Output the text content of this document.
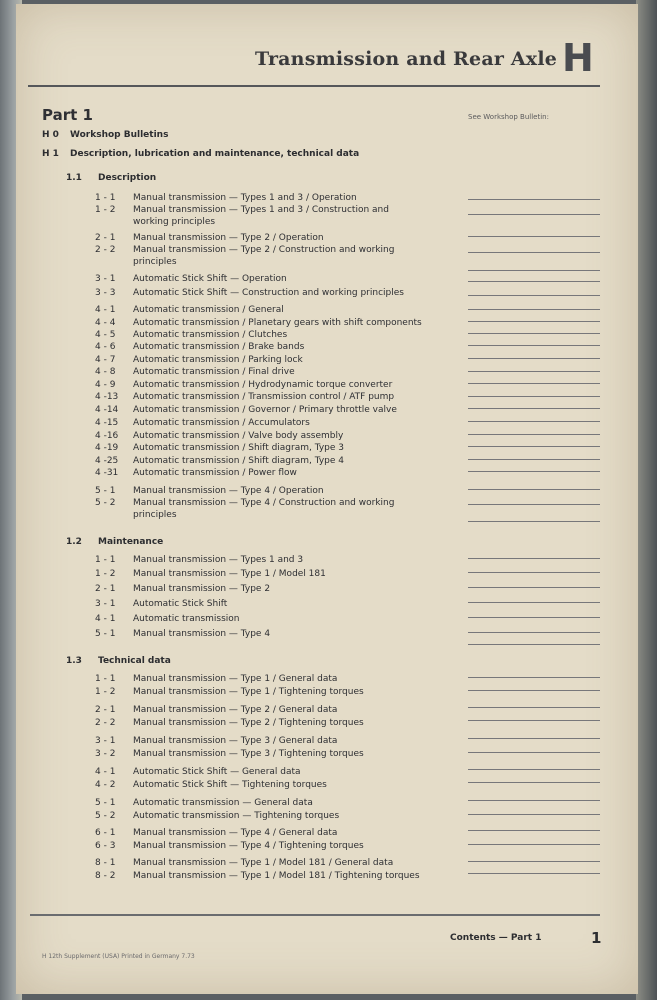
Transmission and Rear Axle H
Part 1	See Workshop Bulletin:
H 0 Workshop Bulletins
H 1 Description, lubrication and maintenance, technical data
1.1 Description
1.2 Maintenance
1.3 Technical data
1 - 1 Manual transmission — Types 1 and 3 / Operation
1 - 2 Manual transmission — Types 1 and 3 / Construction and
working principles
2 - 1 Manual transmission — Type 2 / Operation
2 - 2 Manual transmission — Type 2 / Construction and working
principles
3 - 1 Automatic Stick Shift — Operation
3 - 3 Automatic Stick Shift — Construction and working principles
4 - 1 Automatic transmission / General
4 - 4 Automatic transmission / Planetary gears with shift components
4 - 5 Automatic transmission / Clutches
4 - 6 Automatic transmission / Brake bands
4 - 7 Automatic transmission / Parking lock
4 - 8 Automatic transmission / Final drive
4 - 9 Automatic transmission / Hydrodynamic torque converter
4 -13 Automatic transmission / Transmission control / ATF pump
4 -14 Automatic transmission / Governor / Primary throttle valve
4 -15 Automatic transmission / Accumulators
4 -16 Automatic transmission / Valve body assembly
4 -19 Automatic transmission / Shift diagram, Type 3
4 -25 Automatic transmission / Shift diagram, Type 4
4 -31 Automatic transmission / Power flow
5 - 1 Manual transmission — Type 4 / Operation
5 - 2 Manual transmission — Type 4 / Construction and working
principles
1 - 1 Manual transmission — Types 1 and 3
1 - 2 Manual transmission — Type 1 / Model 181
2 - 1 Manual transmission — Type 2
3 - 1 Automatic Stick Shift
4 - 1 Automatic transmission
5 - 1 Manual transmission — Type 4
1 - 1 Manual transmission — Type 1 / General data
1 - 2 Manual transmission — Type 1 / Tightening torques
2 - 1 Manual transmission — Type 2 / General data
2 - 2 Manual transmission — Type 2 / Tightening torques
3 - 1 Manual transmission — Type 3 / General data
3 - 2 Manual transmission — Type 3 / Tightening torques
4 - 1 Automatic Stick Shift — General data
4 - 2 Automatic Stick Shift — Tightening torques
5 - 1 Automatic transmission — General data
5 - 2 Automatic transmission — Tightening torques
6 - 1 Manual transmission — Type 4 / General data
6 - 3 Manual transmission — Type 4 / Tightening torques
8 - 1 Manual transmission — Type 1 / Model 181 / General data
8 - 2 Manual transmission — Type 1 / Model 181 / Tightening torques
H 12th Supplement (USA) Printed in Germany 7.73
Contents — Part 1	1
